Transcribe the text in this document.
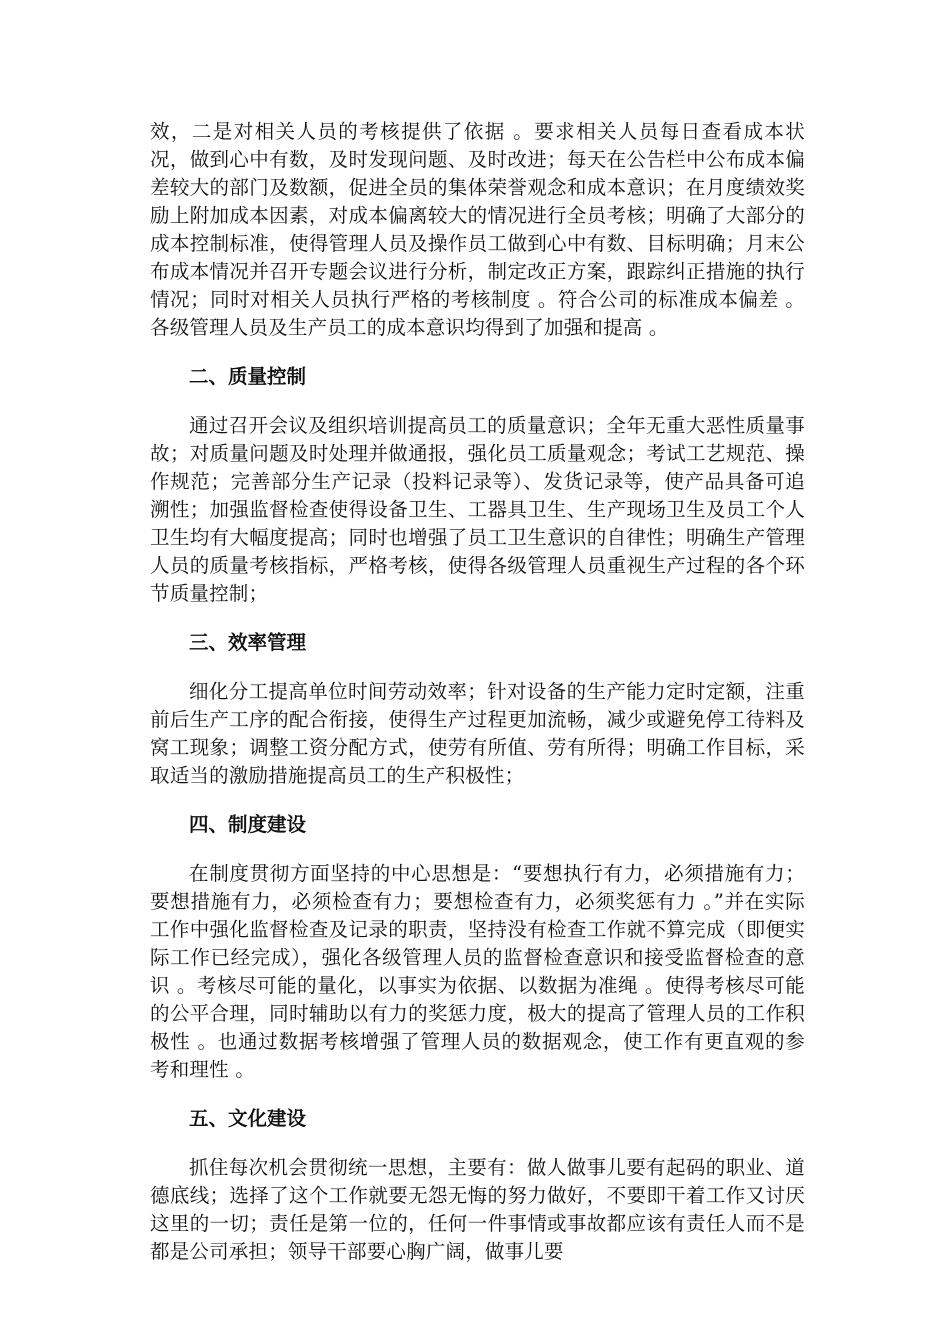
效，二是对相关人员的考核提供了依据 。要求相关人员每日查看成本状况，做到心中有数，及时发现问题、及时改进；每天在公告栏中公布成本偏差较大的部门及数额，促进全员的集体荣誉观念和成本意识；在月度绩效奖励上附加成本因素，对成本偏离较大的情况进行全员考核；明确了大部分的成本控制标准，使得管理人员及操作员工做到心中有数、目标明确；月末公布成本情况并召开专题会议进行分析，制定改正方案，跟踪纠正措施的执行情况；同时对相关人员执行严格的考核制度 。符合公司的标准成本偏差 。各级管理人员及生产员工的成本意识均得到了加强和提高 。

二、质量控制

通过召开会议及组织培训提高员工的质量意识；全年无重大恶性质量事故；对质量问题及时处理并做通报，强化员工质量观念；考试工艺规范、操作规范；完善部分生产记录（投料记录等）、发货记录等，使产品具备可追溯性；加强监督检查使得设备卫生、工器具卫生、生产现场卫生及员工个人卫生均有大幅度提高；同时也增强了员工卫生意识的自律性；明确生产管理人员的质量考核指标，严格考核，使得各级管理人员重视生产过程的各个环节质量控制；

三、效率管理

细化分工提高单位时间劳动效率；针对设备的生产能力定时定额，注重前后生产工序的配合衔接，使得生产过程更加流畅，减少或避免停工待料及窝工现象；调整工资分配方式，使劳有所值、劳有所得；明确工作目标，采取适当的激励措施提高员工的生产积极性；

四、制度建设

在制度贯彻方面坚持的中心思想是：“要想执行有力，必须措施有力；要想措施有力，必须检查有力；要想检查有力，必须奖惩有力 。”并在实际工作中强化监督检查及记录的职责，坚持没有检查工作就不算完成（即便实际工作已经完成），强化各级管理人员的监督检查意识和接受监督检查的意识 。考核尽可能的量化，以事实为依据、以数据为准绳 。使得考核尽可能的公平合理，同时辅助以有力的奖惩力度，极大的提高了管理人员的工作积极性 。也通过数据考核增强了管理人员的数据观念，使工作有更直观的参考和理性 。

五、文化建设

抓住每次机会贯彻统一思想，主要有：做人做事儿要有起码的职业、道德底线；选择了这个工作就要无怨无悔的努力做好，不要即干着工作又讨厌这里的一切；责任是第一位的，任何一件事情或事故都应该有责任人而不是都是公司承担；领导干部要心胸广阔，做事儿要
